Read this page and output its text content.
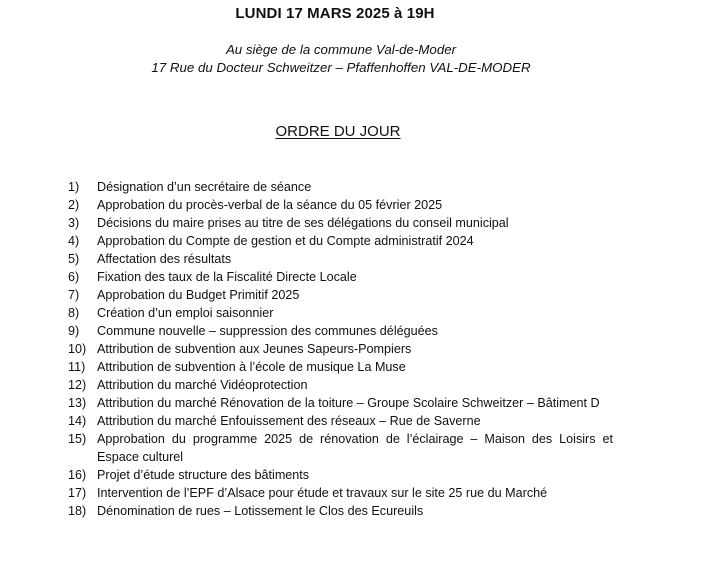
LUNDI 17 MARS 2025 à 19H
Au siège de la commune Val-de-Moder
17 Rue du Docteur Schweitzer – Pfaffenhoffen VAL-DE-MODER
ORDRE DU JOUR
1)	Désignation d’un secrétaire de séance
2)	Approbation du procès-verbal de la séance du 05 février 2025
3)	Décisions du maire prises au titre de ses délégations du conseil municipal
4)	Approbation du Compte de gestion et du Compte administratif 2024
5)	Affectation des résultats
6)	Fixation des taux de la Fiscalité Directe Locale
7)	Approbation du Budget Primitif 2025
8)	Création d’un emploi saisonnier
9)	Commune nouvelle – suppression des communes déléguées
10) Attribution de subvention aux Jeunes Sapeurs-Pompiers
11) Attribution de subvention à l’école de musique La Muse
12) Attribution du marché Vidéoprotection
13) Attribution du marché Rénovation de la toiture – Groupe Scolaire Schweitzer – Bâtiment D
14) Attribution du marché Enfouissement des réseaux – Rue de Saverne
15) Approbation du programme 2025 de rénovation de l’éclairage – Maison des Loisirs et Espace culturel
16) Projet d’étude structure des bâtiments
17) Intervention de l’EPF d’Alsace pour étude et travaux sur le site 25 rue du Marché
18) Dénomination de rues – Lotissement le Clos des Ecureuils
